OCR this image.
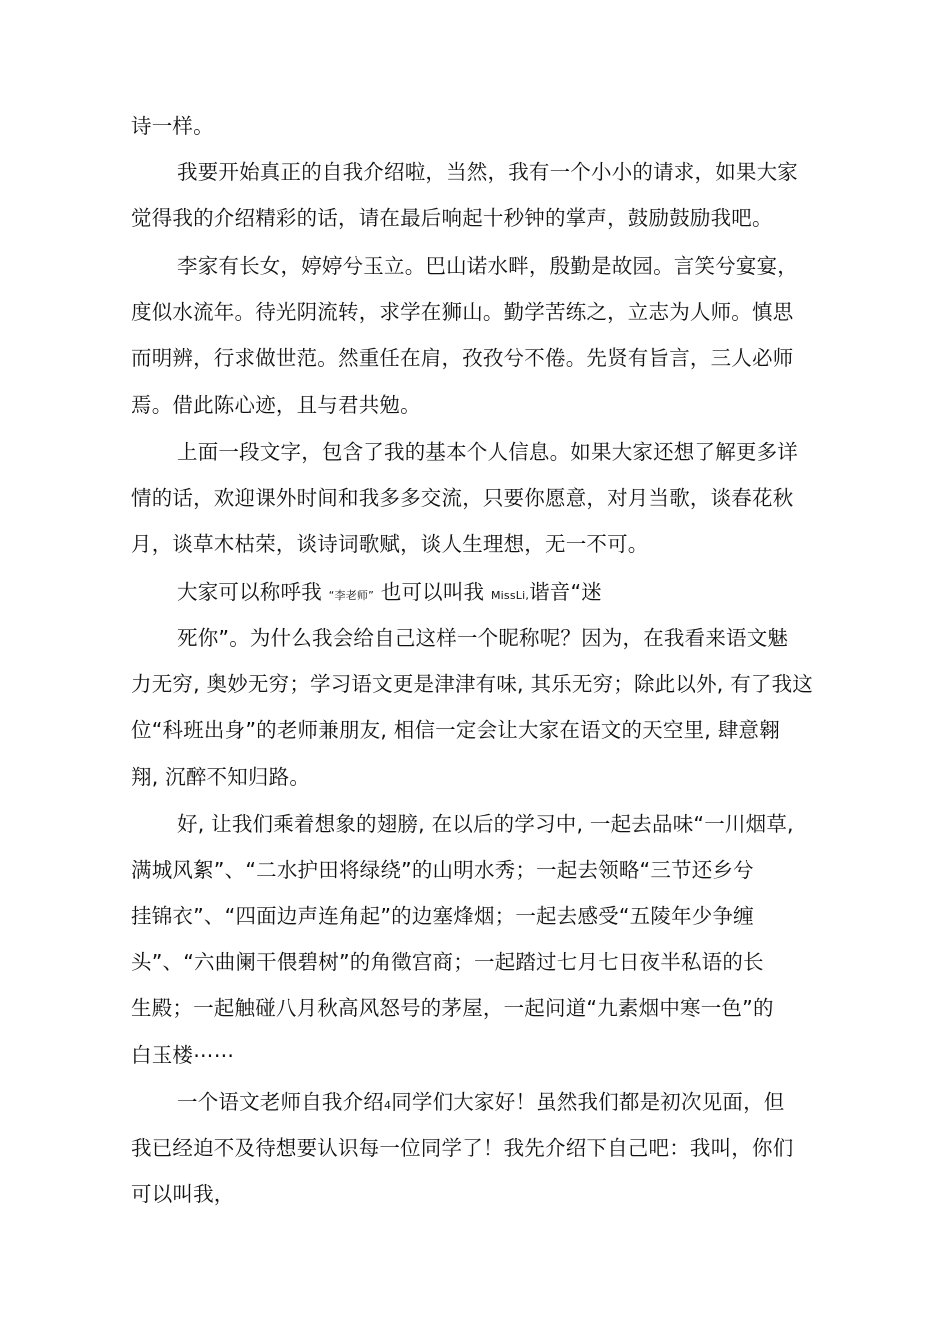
诗一样。
我要开始真正的自我介绍啦，当然，我有一个小小的请求，如果大家
觉得我的介绍精彩的话，请在最后响起十秒钟的掌声，鼓励鼓励我吧。
李家有长女，婷婷兮玉立。巴山诺水畔，殷勤是故园。言笑兮宴宴，
度似水流年。待光阴流转，求学在狮山。勤学苦练之，立志为人师。慎思
而明辨，行求做世范。然重任在肩，孜孜兮不倦。先贤有旨言，三人必师
焉。借此陈心迹，且与君共勉。
上面一段文字，包含了我的基本个人信息。如果大家还想了解更多详
情的话，欢迎课外时间和我多多交流，只要你愿意，对月当歌，谈春花秋
月，谈草木枯荣，谈诗词歌赋，谈人生理想，无一不可。
大家可以称呼我 “李老师” 也可以叫我 MissLi,谐音“迷
死你”。为什么我会给自己这样一个昵称呢？因为，在我看来语文魅
力无穷, 奥妙无穷；学习语文更是津津有味, 其乐无穷；除此以外, 有了我这
位“科班出身”的老师兼朋友, 相信一定会让大家在语文的天空里, 肆意翱
翔, 沉醉不知归路。
好, 让我们乘着想象的翅膀, 在以后的学习中, 一起去品味“一川烟草,
满城风絮”、“二水护田将绿绕”的山明水秀；一起去领略“三节还乡兮
挂锦衣”、“四面边声连角起”的边塞烽烟；一起去感受“五陵年少争缠
头”、“六曲阑干偎碧树”的角徵宫商；一起踏过七月七日夜半私语的长
生殿；一起触碰八月秋高风怒号的茅屋，一起问道“九素烟中寒一色”的
白玉楼⋯⋯
一个语文老师自我介绍4同学们大家好！虽然我们都是初次见面，但
我已经迫不及待想要认识每一位同学了！我先介绍下自己吧：我叫，你们
可以叫我，
